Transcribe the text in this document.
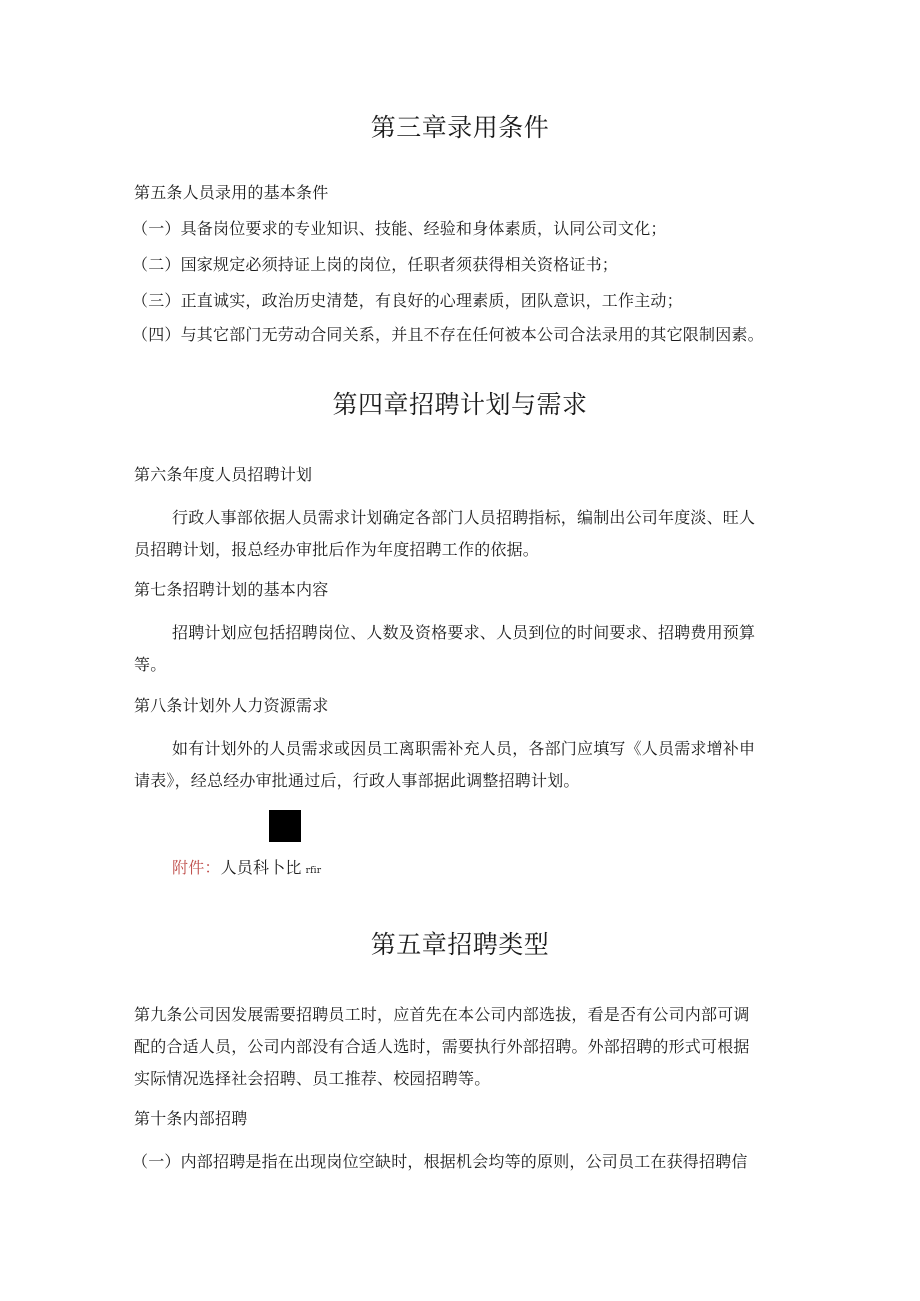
第三章录用条件

第五条人员录用的基本条件

（一）具备岗位要求的专业知识、技能、经验和身体素质，认同公司文化；

（二）国家规定必须持证上岗的岗位，任职者须获得相关资格证书；

（三）正直诚实，政治历史清楚，有良好的心理素质，团队意识，工作主动；

（四）与其它部门无劳动合同关系，并且不存在任何被本公司合法录用的其它限制因素。

第四章招聘计划与需求

第六条年度人员招聘计划

行政人事部依据人员需求计划确定各部门人员招聘指标，编制出公司年度淡、旺人

员招聘计划，报总经办审批后作为年度招聘工作的依据。

第七条招聘计划的基本内容

招聘计划应包括招聘岗位、人数及资格要求、人员到位的时间要求、招聘费用预算

等。

第八条计划外人力资源需求

如有计划外的人员需求或因员工离职需补充人员，各部门应填写《人员需求增补申

请表》，经总经办审批通过后，行政人事部据此调整招聘计划。

附件：人员科卜比 rfir

第五章招聘类型

第九条公司因发展需要招聘员工时，应首先在本公司内部选拔，看是否有公司内部可调

配的合适人员，公司内部没有合适人选时，需要执行外部招聘。外部招聘的形式可根据

实际情况选择社会招聘、员工推荐、校园招聘等。

第十条内部招聘

（一）内部招聘是指在出现岗位空缺时，根据机会均等的原则，公司员工在获得招聘信
